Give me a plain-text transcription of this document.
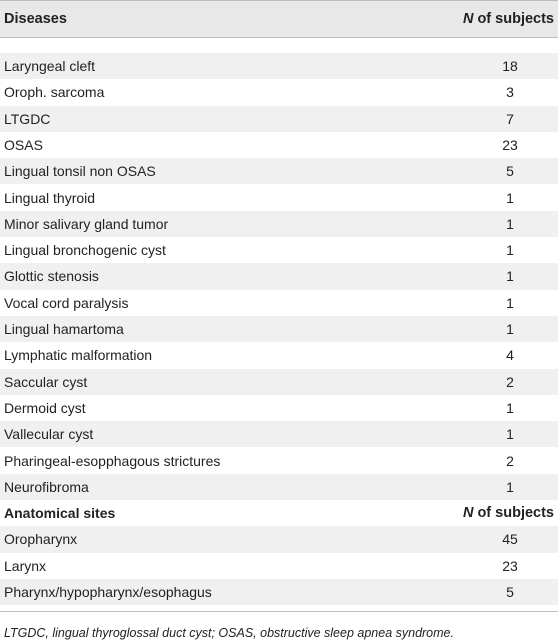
Diseases	N of subjects
Laryngeal cleft	18
Oroph. sarcoma	3
LTGDC	7
OSAS	23
Lingual tonsil non OSAS	5
Lingual thyroid	1
Minor salivary gland tumor	1
Lingual bronchogenic cyst	1
Glottic stenosis	1
Vocal cord paralysis	1
Lingual hamartoma	1
Lymphatic malformation	4
Saccular cyst	2
Dermoid cyst	1
Vallecular cyst	1
Pharingeal-esopphagous strictures	2
Neurofibroma	1
Anatomical sites	N of subjects
Oropharynx	45
Larynx	23
Pharynx/hypopharynx/esophagus	5
LTGDC, lingual thyroglossal duct cyst; OSAS, obstructive sleep apnea syndrome.
